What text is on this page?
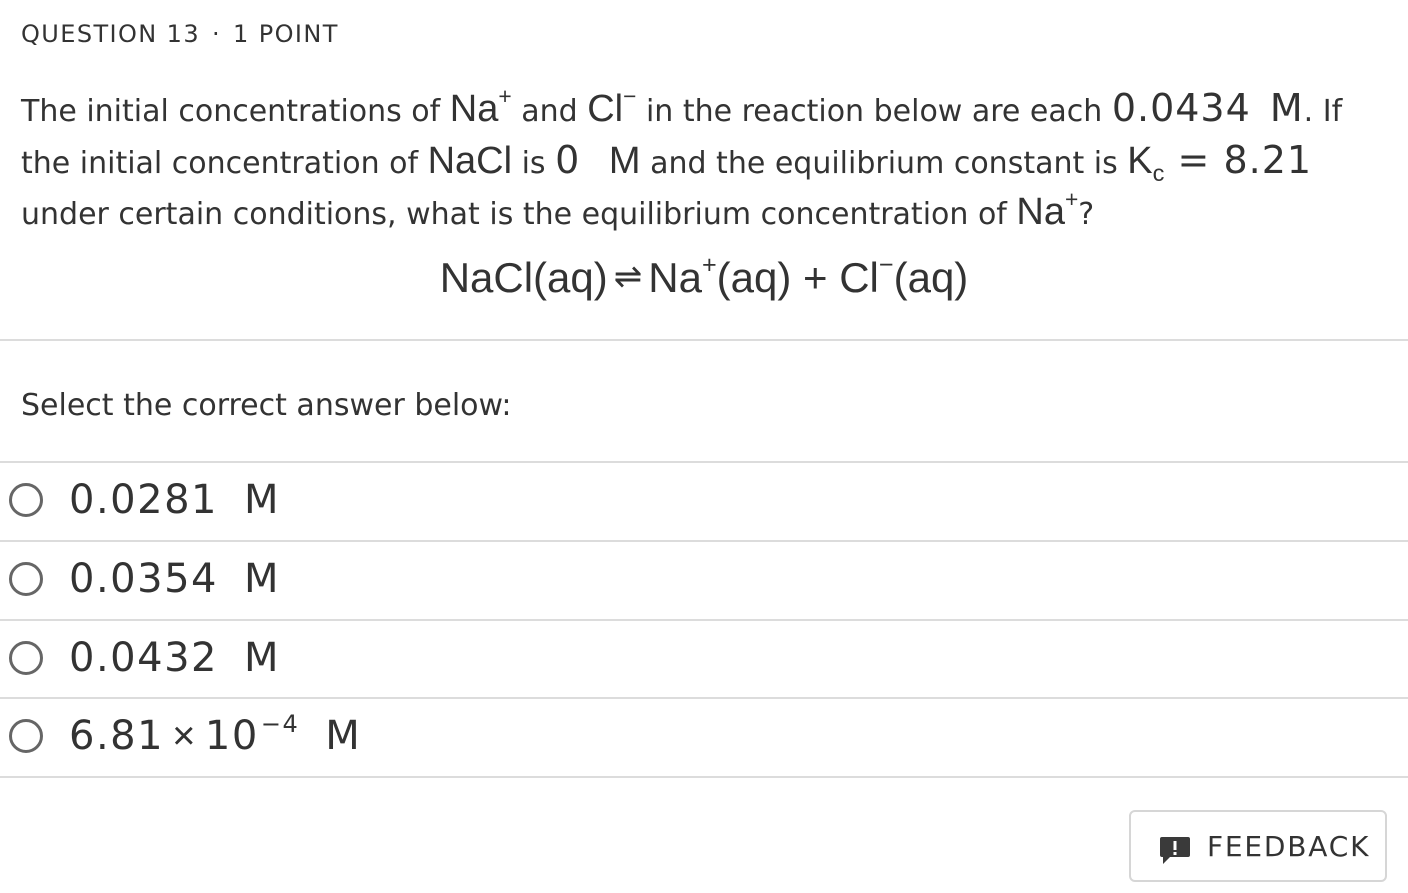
QUESTION 13 · 1 POINT
The initial concentrations of Na+ and Cl− in the reaction below are each 0.0434 M. If
the initial concentration of NaCl is 0 M and the equilibrium constant is $K_c = 8.21$
under certain conditions, what is the equilibrium concentration of Na+?
NaCl(aq) ⇌ Na+(aq) + Cl−(aq)
Select the correct answer below:
0.0281 M
0.0354 M
0.0432 M
$6.81 \times 10^{-4}$ M
FEEDBACK
